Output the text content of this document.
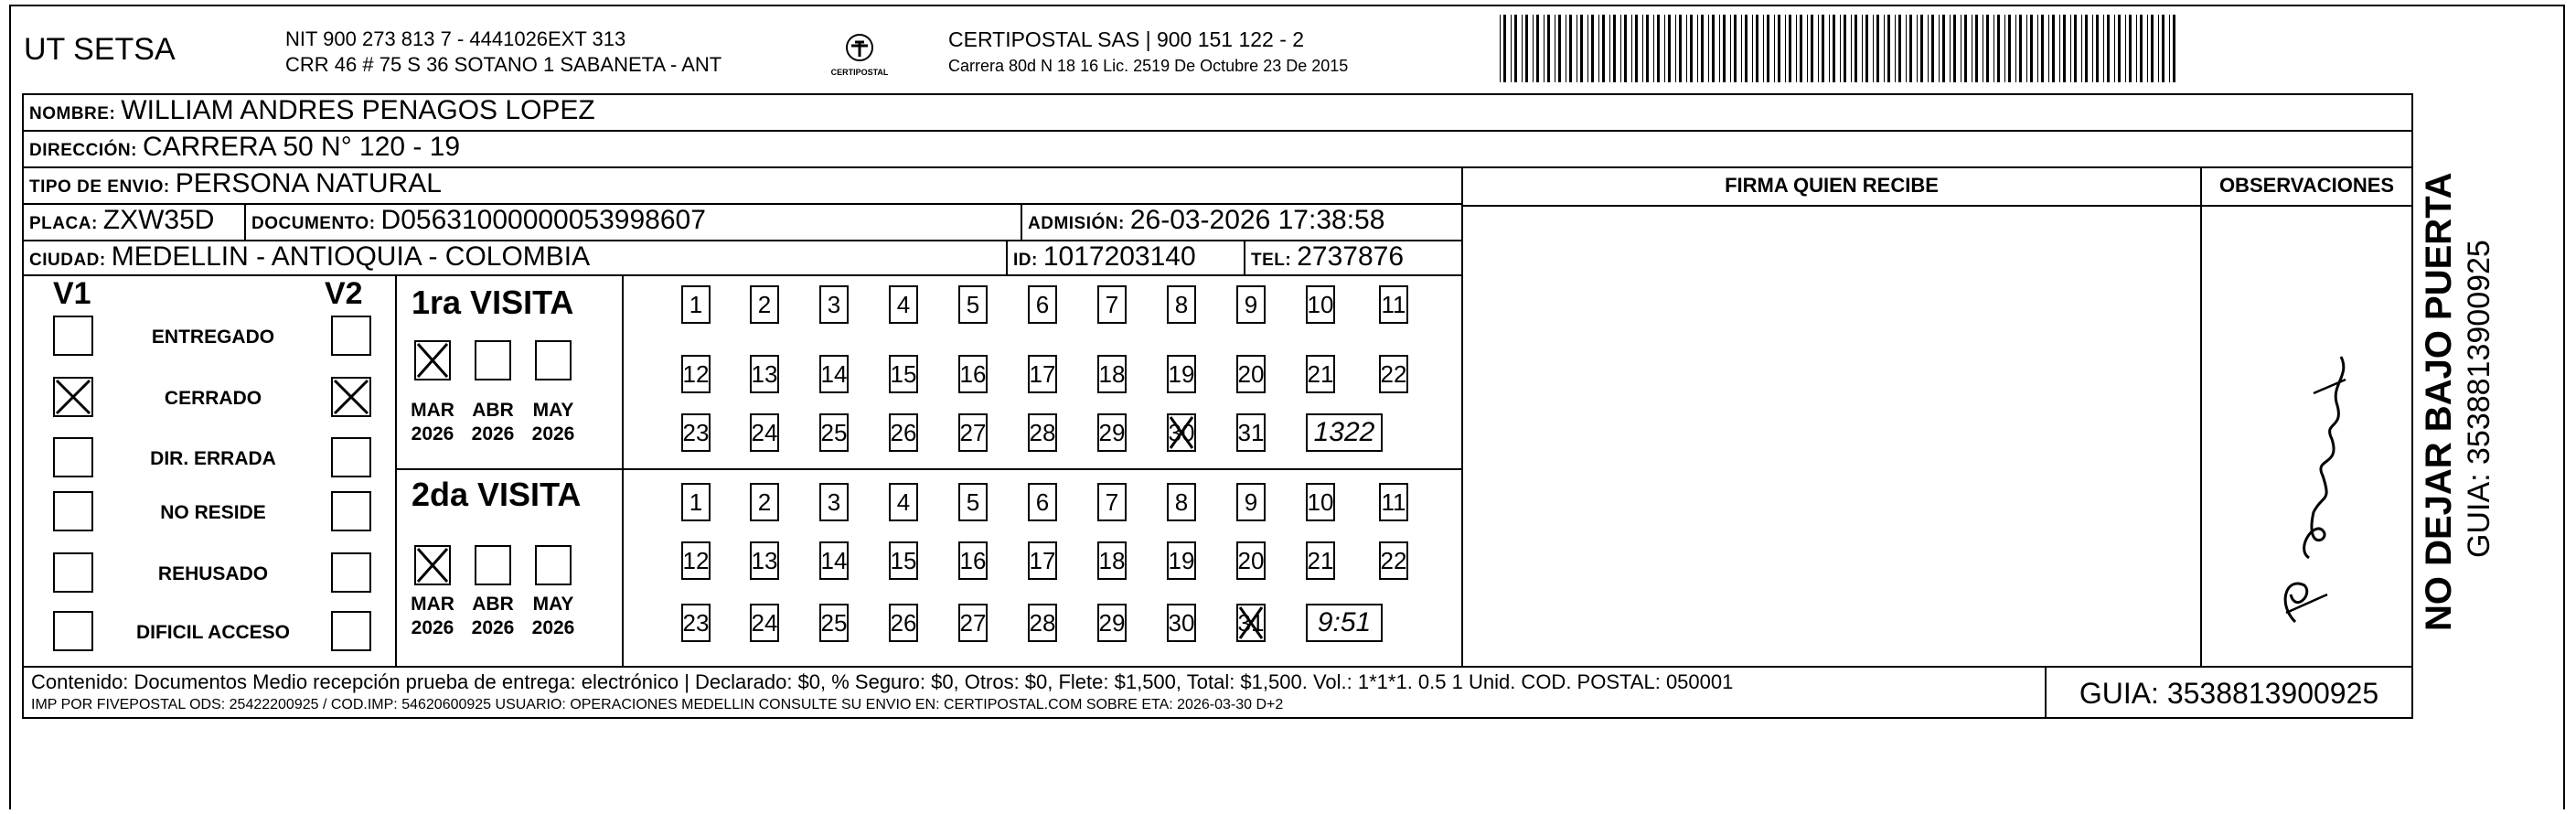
UT SETSA	NIT 900 273 813 7 - 4441026EXT 313
CRR 46 # 75 S 36 SOTANO 1 SABANETA - ANT	CERTIPOSTAL
CERTIPOSTAL SAS | 900 151 122 - 2
Carrera 80d N 18 16 Lic. 2519 De Octubre 23 De 2015
NOMBRE: WILLIAM ANDRES PENAGOS LOPEZ
DIRECCIÓN: CARRERA 50 N° 120 - 19
TIPO DE ENVIO: PERSONA NATURAL
PLACA: ZXW35D DOCUMENTO: D05631000000053998607	ADMISIÓN: 26-03-2026 17:38:58
CIUDAD: MEDELLIN - ANTIOQUIA - COLOMBIA	ID: 1017203140	TEL: 2737876
FIRMA QUIEN RECIBE	OBSERVACIONES
V1	V2
ENTREGADO
CERRADO
DIR. ERRADA
NO RESIDE
REHUSADO
DIFICIL ACCESO
1ra VISITA
2da VISITA
MAR
2026
ABR
2026
MAY
2026
1	2	3	4	5	6	7	8	9	10 11
12 13 14 15 16 17 18 19 20 21 22
23 24 25 26 27 28 29 30 31 1322
MAR
2026
ABR
2026
MAY
2026
1	2	3	4	5	6	7	8	9	10 11
12 13 14 15 16 17 18 19 20 21 22
23 24 25 26 27 28 29 30 31	9:51
Contenido: Documentos Medio recepción prueba de entrega: electrónico | Declarado: $0, % Seguro: $0, Otros: $0, Flete: $1,500, Total: $1,500. Vol.: 1*1*1. 0.5 1 Unid. COD. POSTAL: 050001
IMP POR FIVEPOSTAL ODS: 25422200925 / COD.IMP: 54620600925 USUARIO: OPERACIONES MEDELLIN CONSULTE SU ENVIO EN: CERTIPOSTAL.COM SOBRE ETA: 2026-03-30 D+2	GUIA: 3538813900925
NO DEJAR BAJO PUERTA GUIA: 3538813900925
